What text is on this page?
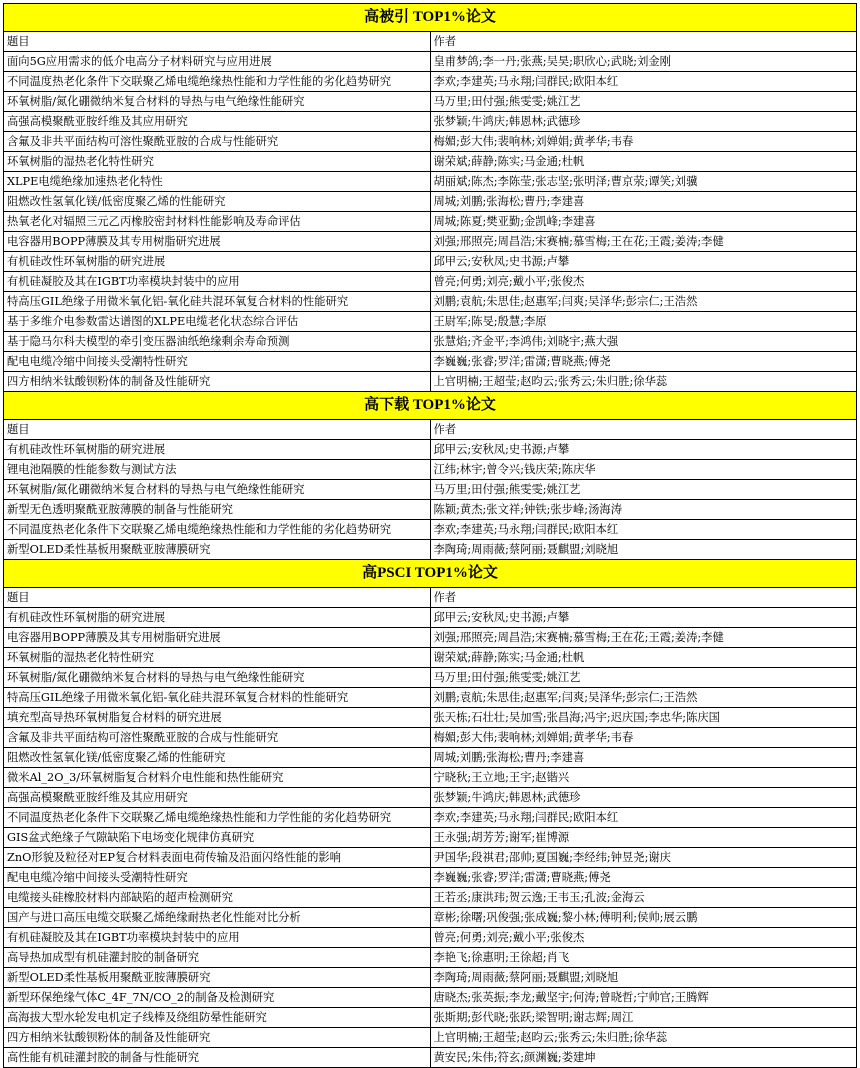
高被引 TOP1%论文	
题目	作者
面向5G应用需求的低介电高分子材料研究与应用进展	皇甫梦鸽;李一丹;张燕;吴昊;职欣心;武晓;刘金刚
不同温度热老化条件下交联聚乙烯电缆绝缘热性能和力学性能的劣化趋势研究	李欢;李建英;马永翔;闫群民;欧阳本红
环氧树脂/氮化硼微纳米复合材料的导热与电气绝缘性能研究	马万里;田付强;熊雯雯;姚江艺
高强高模聚酰亚胺纤维及其应用研究	张梦颖;牛鸿庆;韩恩林;武德珍
含氟及非共平面结构可溶性聚酰亚胺的合成与性能研究	梅媚;彭大伟;裴响林;刘婵娟;黄孝华;韦春
环氧树脂的湿热老化特性研究	谢荣斌;薛静;陈实;马金通;杜帆
XLPE电缆绝缘加速热老化特性	胡丽斌;陈杰;李陈莹;张志坚;张明泽;曹京荥;谭笑;刘骥
阻燃改性氢氧化镁/低密度聚乙烯的性能研究	周城;刘鹏;张海松;曹丹;李建喜
热氧老化对辐照三元乙丙橡胶密封材料性能影响及寿命评估	周城;陈夏;樊亚勤;金凯峰;李建喜
电容器用BOPP薄膜及其专用树脂研究进展	刘强;邢照亮;周昌浩;宋赛楠;慕雪梅;王在花;王霞;姜涛;李健
有机硅改性环氧树脂的研究进展	邱甲云;安秋凤;史书源;卢攀
有机硅凝胶及其在IGBT功率模块封装中的应用	曾亮;何勇;刘亮;戴小平;张俊杰
特高压GIL绝缘子用微米氧化铝-氧化硅共混环氧复合材料的性能研究	刘鹏;袁航;朱思佳;赵惠军;闫爽;吴泽华;彭宗仁;王浩然
基于多维介电参数雷达谱图的XLPE电缆老化状态综合评估	王尉军;陈旻;殷慧;李原
基于隐马尔科夫模型的牵引变压器油纸绝缘剩余寿命预测	张慧焰;齐金平;李鸿伟;刘晓宇;燕大强
配电电缆冷缩中间接头受潮特性研究	李巍巍;张睿;罗洋;雷潇;曹晓燕;傅尧
四方相纳米钛酸钡粉体的制备及性能研究	上官明楠;王超莹;赵昀云;张秀云;朱归胜;徐华蕊
高下载 TOP1%论文	
题目	作者
有机硅改性环氧树脂的研究进展	邱甲云;安秋凤;史书源;卢攀
锂电池隔膜的性能参数与测试方法	江纬;林宇;曾令兴;钱庆荣;陈庆华
环氧树脂/氮化硼微纳米复合材料的导热与电气绝缘性能研究	马万里;田付强;熊雯雯;姚江艺
新型无色透明聚酰亚胺薄膜的制备与性能研究	陈颖;黄杰;张文祥;钟铁;张步峰;汤海涛
不同温度热老化条件下交联聚乙烯电缆绝缘热性能和力学性能的劣化趋势研究	李欢;李建英;马永翔;闫群民;欧阳本红
新型OLED柔性基板用聚酰亚胺薄膜研究	李陶琦;周雨薇;蔡阿丽;聂麒盟;刘晓旭
高PSCI TOP1%论文	
题目	作者
有机硅改性环氧树脂的研究进展	邱甲云;安秋凤;史书源;卢攀
电容器用BOPP薄膜及其专用树脂研究进展	刘强;邢照亮;周昌浩;宋赛楠;慕雪梅;王在花;王霞;姜涛;李健
环氧树脂的湿热老化特性研究	谢荣斌;薛静;陈实;马金通;杜帆
环氧树脂/氮化硼微纳米复合材料的导热与电气绝缘性能研究	马万里;田付强;熊雯雯;姚江艺
特高压GIL绝缘子用微米氧化铝-氧化硅共混环氧复合材料的性能研究	刘鹏;袁航;朱思佳;赵惠军;闫爽;吴泽华;彭宗仁;王浩然
填充型高导热环氧树脂复合材料的研究进展	张天栋;石壮壮;吴加雪;张昌海;冯宇;迟庆国;李忠华;陈庆国
含氟及非共平面结构可溶性聚酰亚胺的合成与性能研究	梅媚;彭大伟;裴响林;刘婵娟;黄孝华;韦春
阻燃改性氢氧化镁/低密度聚乙烯的性能研究	周城;刘鹏;张海松;曹丹;李建喜
微米Al_2O_3/环氧树脂复合材料介电性能和热性能研究	宁晓秋;王立地;王宇;赵锴兴
高强高模聚酰亚胺纤维及其应用研究	张梦颖;牛鸿庆;韩恩林;武德珍
不同温度热老化条件下交联聚乙烯电缆绝缘热性能和力学性能的劣化趋势研究	李欢;李建英;马永翔;闫群民;欧阳本红
GIS盆式绝缘子气隙缺陷下电场变化规律仿真研究	王永强;胡芳芳;谢军;崔博源
ZnO形貌及粒径对EP复合材料表面电荷传输及沿面闪络性能的影响	尹国华;段祺君;邵帅;夏国巍;李经纬;钟昱尧;谢庆
配电电缆冷缩中间接头受潮特性研究	李巍巍;张睿;罗洋;雷潇;曹晓燕;傅尧
电缆接头硅橡胶材料内部缺陷的超声检测研究	王若丞;康洪玮;贺云逸;王韦玉;孔波;金海云
国产与进口高压电缆交联聚乙烯绝缘耐热老化性能对比分析	章彬;徐曙;巩俊强;张成巍;黎小林;傅明利;侯帅;展云鹏
有机硅凝胶及其在IGBT功率模块封装中的应用	曾亮;何勇;刘亮;戴小平;张俊杰
高导热加成型有机硅灌封胶的制备研究	李艳飞;徐惠明;王徐超;肖飞
新型OLED柔性基板用聚酰亚胺薄膜研究	李陶琦;周雨薇;蔡阿丽;聂麒盟;刘晓旭
新型环保绝缘气体C_4F_7N/CO_2的制备及检测研究	唐晓杰;张英振;李龙;戴坚宇;何涛;曾晓哲;宁帅官;王腾辉
高海拔大型水轮发电机定子线棒及绕组防晕性能研究	张斯期;彭代晓;张跃;梁智明;谢志辉;周江
四方相纳米钛酸钡粉体的制备及性能研究	上官明楠;王超莹;赵昀云;张秀云;朱归胜;徐华蕊
高性能有机硅灌封胶的制备与性能研究	黄安民;朱伟;符玄;颜渊巍;娄建坤
